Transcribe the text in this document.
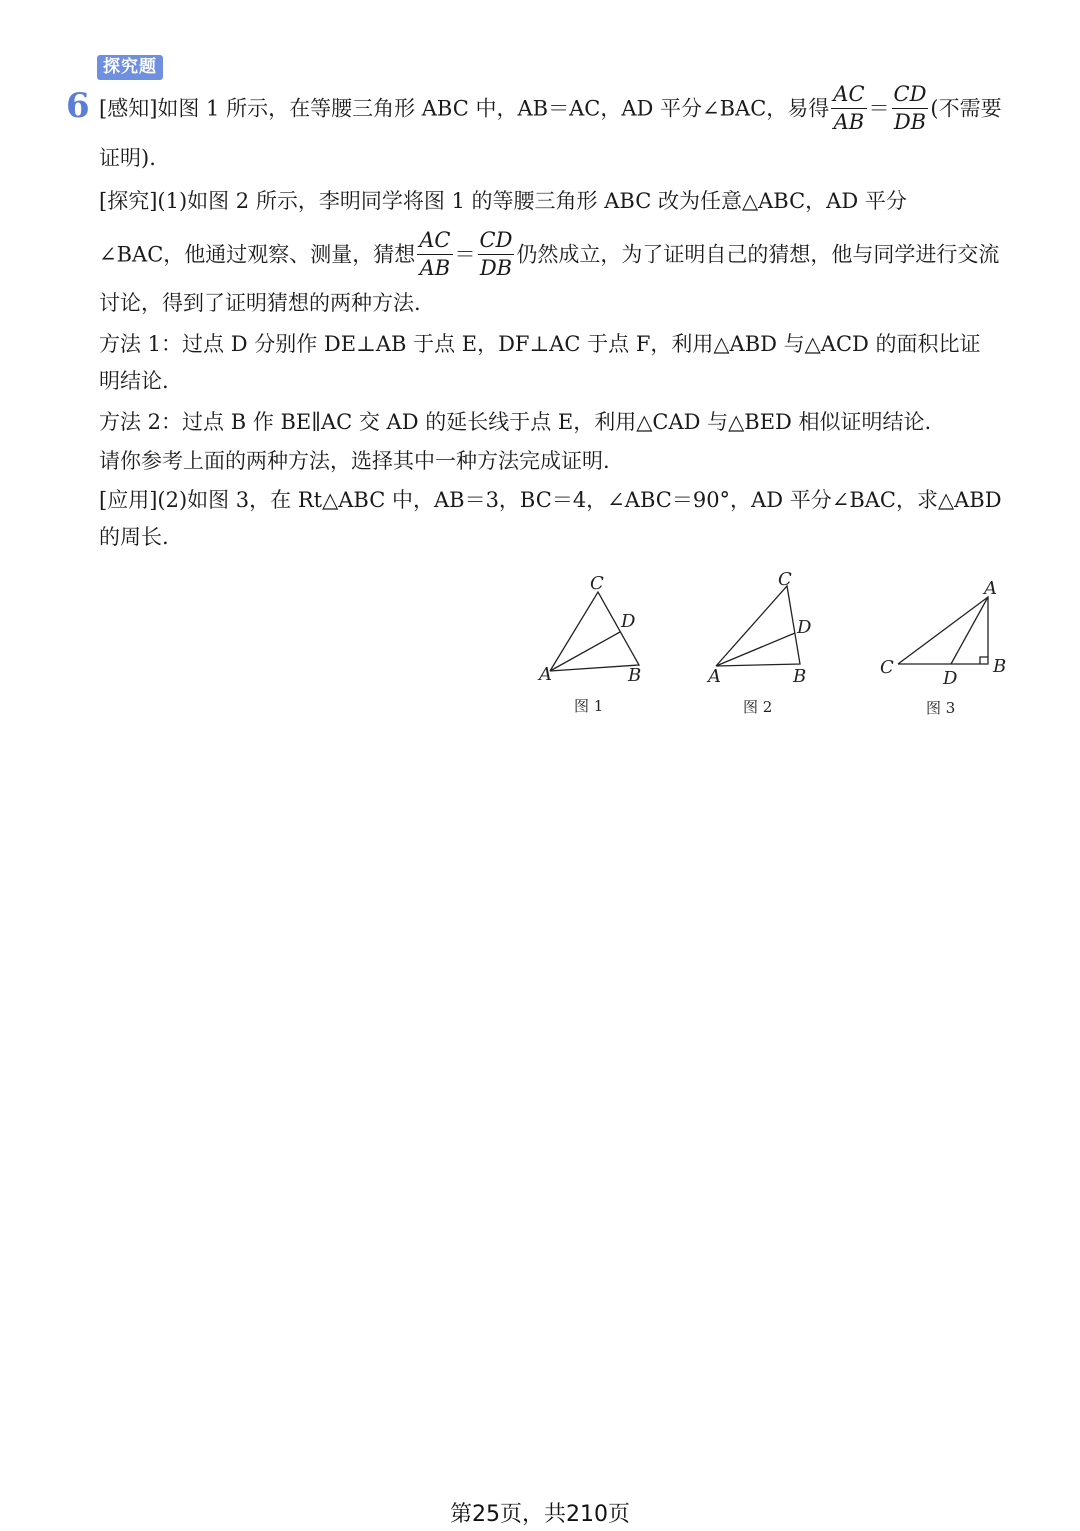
探究题
6 [感知]如图 1 所示，在等腰三角形 ABC 中，AB＝AC，AD 平分∠BAC，易得 $\frac{AC}{AB} = \frac{CD}{DB}$ (不需要
证明).
[探究](1)如图 2 所示，李明同学将图 1 的等腰三角形 ABC 改为任意△ABC，AD 平分
∠BAC，他通过观察、测量，猜想 $\frac{AC}{AB} = \frac{CD}{DB}$ 仍然成立，为了证明自己的猜想，他与同学进行交流
讨论，得到了证明猜想的两种方法.
方法 1：过点 D 分别作 DE⊥AB 于点 E，DF⊥AC 于点 F，利用△ABD 与△ACD 的面积比证
明结论.
方法 2：过点 B 作 BE∥AC 交 AD 的延长线于点 E，利用△CAD 与△BED 相似证明结论.
请你参考上面的两种方法，选择其中一种方法完成证明.
[应用](2)如图 3，在 Rt△ABC 中，AB＝3，BC＝4，∠ABC＝90°，AD 平分∠BAC，求△ABD
的周长.
C
D
A	B
图 1
C
D
A	B
图 2
A
C
D
B
图 3
第25页，共210页
